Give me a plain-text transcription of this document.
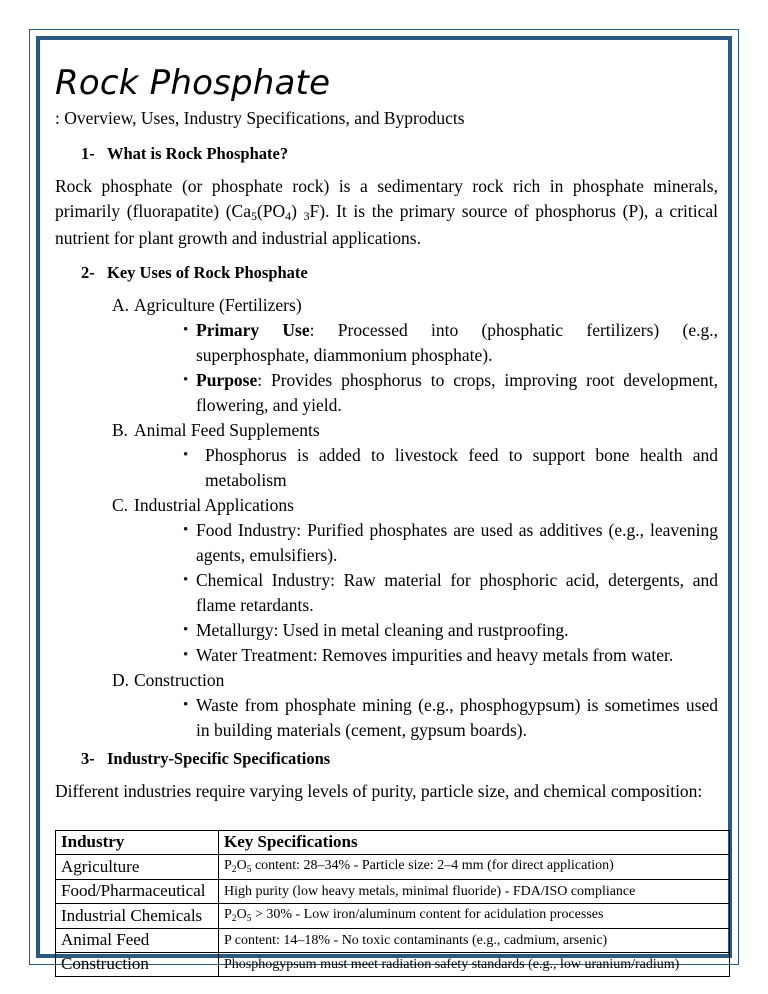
Rock Phosphate
: Overview, Uses, Industry Specifications, and Byproducts
1- What is Rock Phosphate?

Rock phosphate (or phosphate rock) is a sedimentary rock rich in phosphate minerals, primarily (fluorapatite) ($Ca_5(PO_4)$ $_3$F). It is the primary source of phosphorus (P), a critical nutrient for plant growth and industrial applications.

2- Key Uses of Rock Phosphate
A. Agriculture (Fertilizers)
• Primary Use: Processed into (phosphatic fertilizers) (e.g., superphosphate, diammonium phosphate).
• Purpose: Provides phosphorus to crops, improving root development, flowering, and yield.
B. Animal Feed Supplements
• Phosphorus is added to livestock feed to support bone health and metabolism
C. Industrial Applications
• Food Industry: Purified phosphates are used as additives (e.g., leavening agents, emulsifiers).
• Chemical Industry: Raw material for phosphoric acid, detergents, and flame retardants.
• Metallurgy: Used in metal cleaning and rustproofing.
• Water Treatment: Removes impurities and heavy metals from water.
D. Construction
• Waste from phosphate mining (e.g., phosphogypsum) is sometimes used in building materials (cement, gypsum boards).
3- Industry-Specific Specifications

Different industries require varying levels of purity, particle size, and chemical composition:

Industry	Key Specifications
Agriculture	$P_2O_5$ content: 28–34% - Particle size: 2–4 mm (for direct application)
Food/Pharmaceutical	High purity (low heavy metals, minimal fluoride) - FDA/ISO compliance
Industrial Chemicals	$P_2O_5 > 30\%$ - Low iron/aluminum content for acidulation processes
Animal Feed	P content: 14–18% - No toxic contaminants (e.g., cadmium, arsenic)
Construction	Phosphogypsum must meet radiation safety standards (e.g., low uranium/radium)
